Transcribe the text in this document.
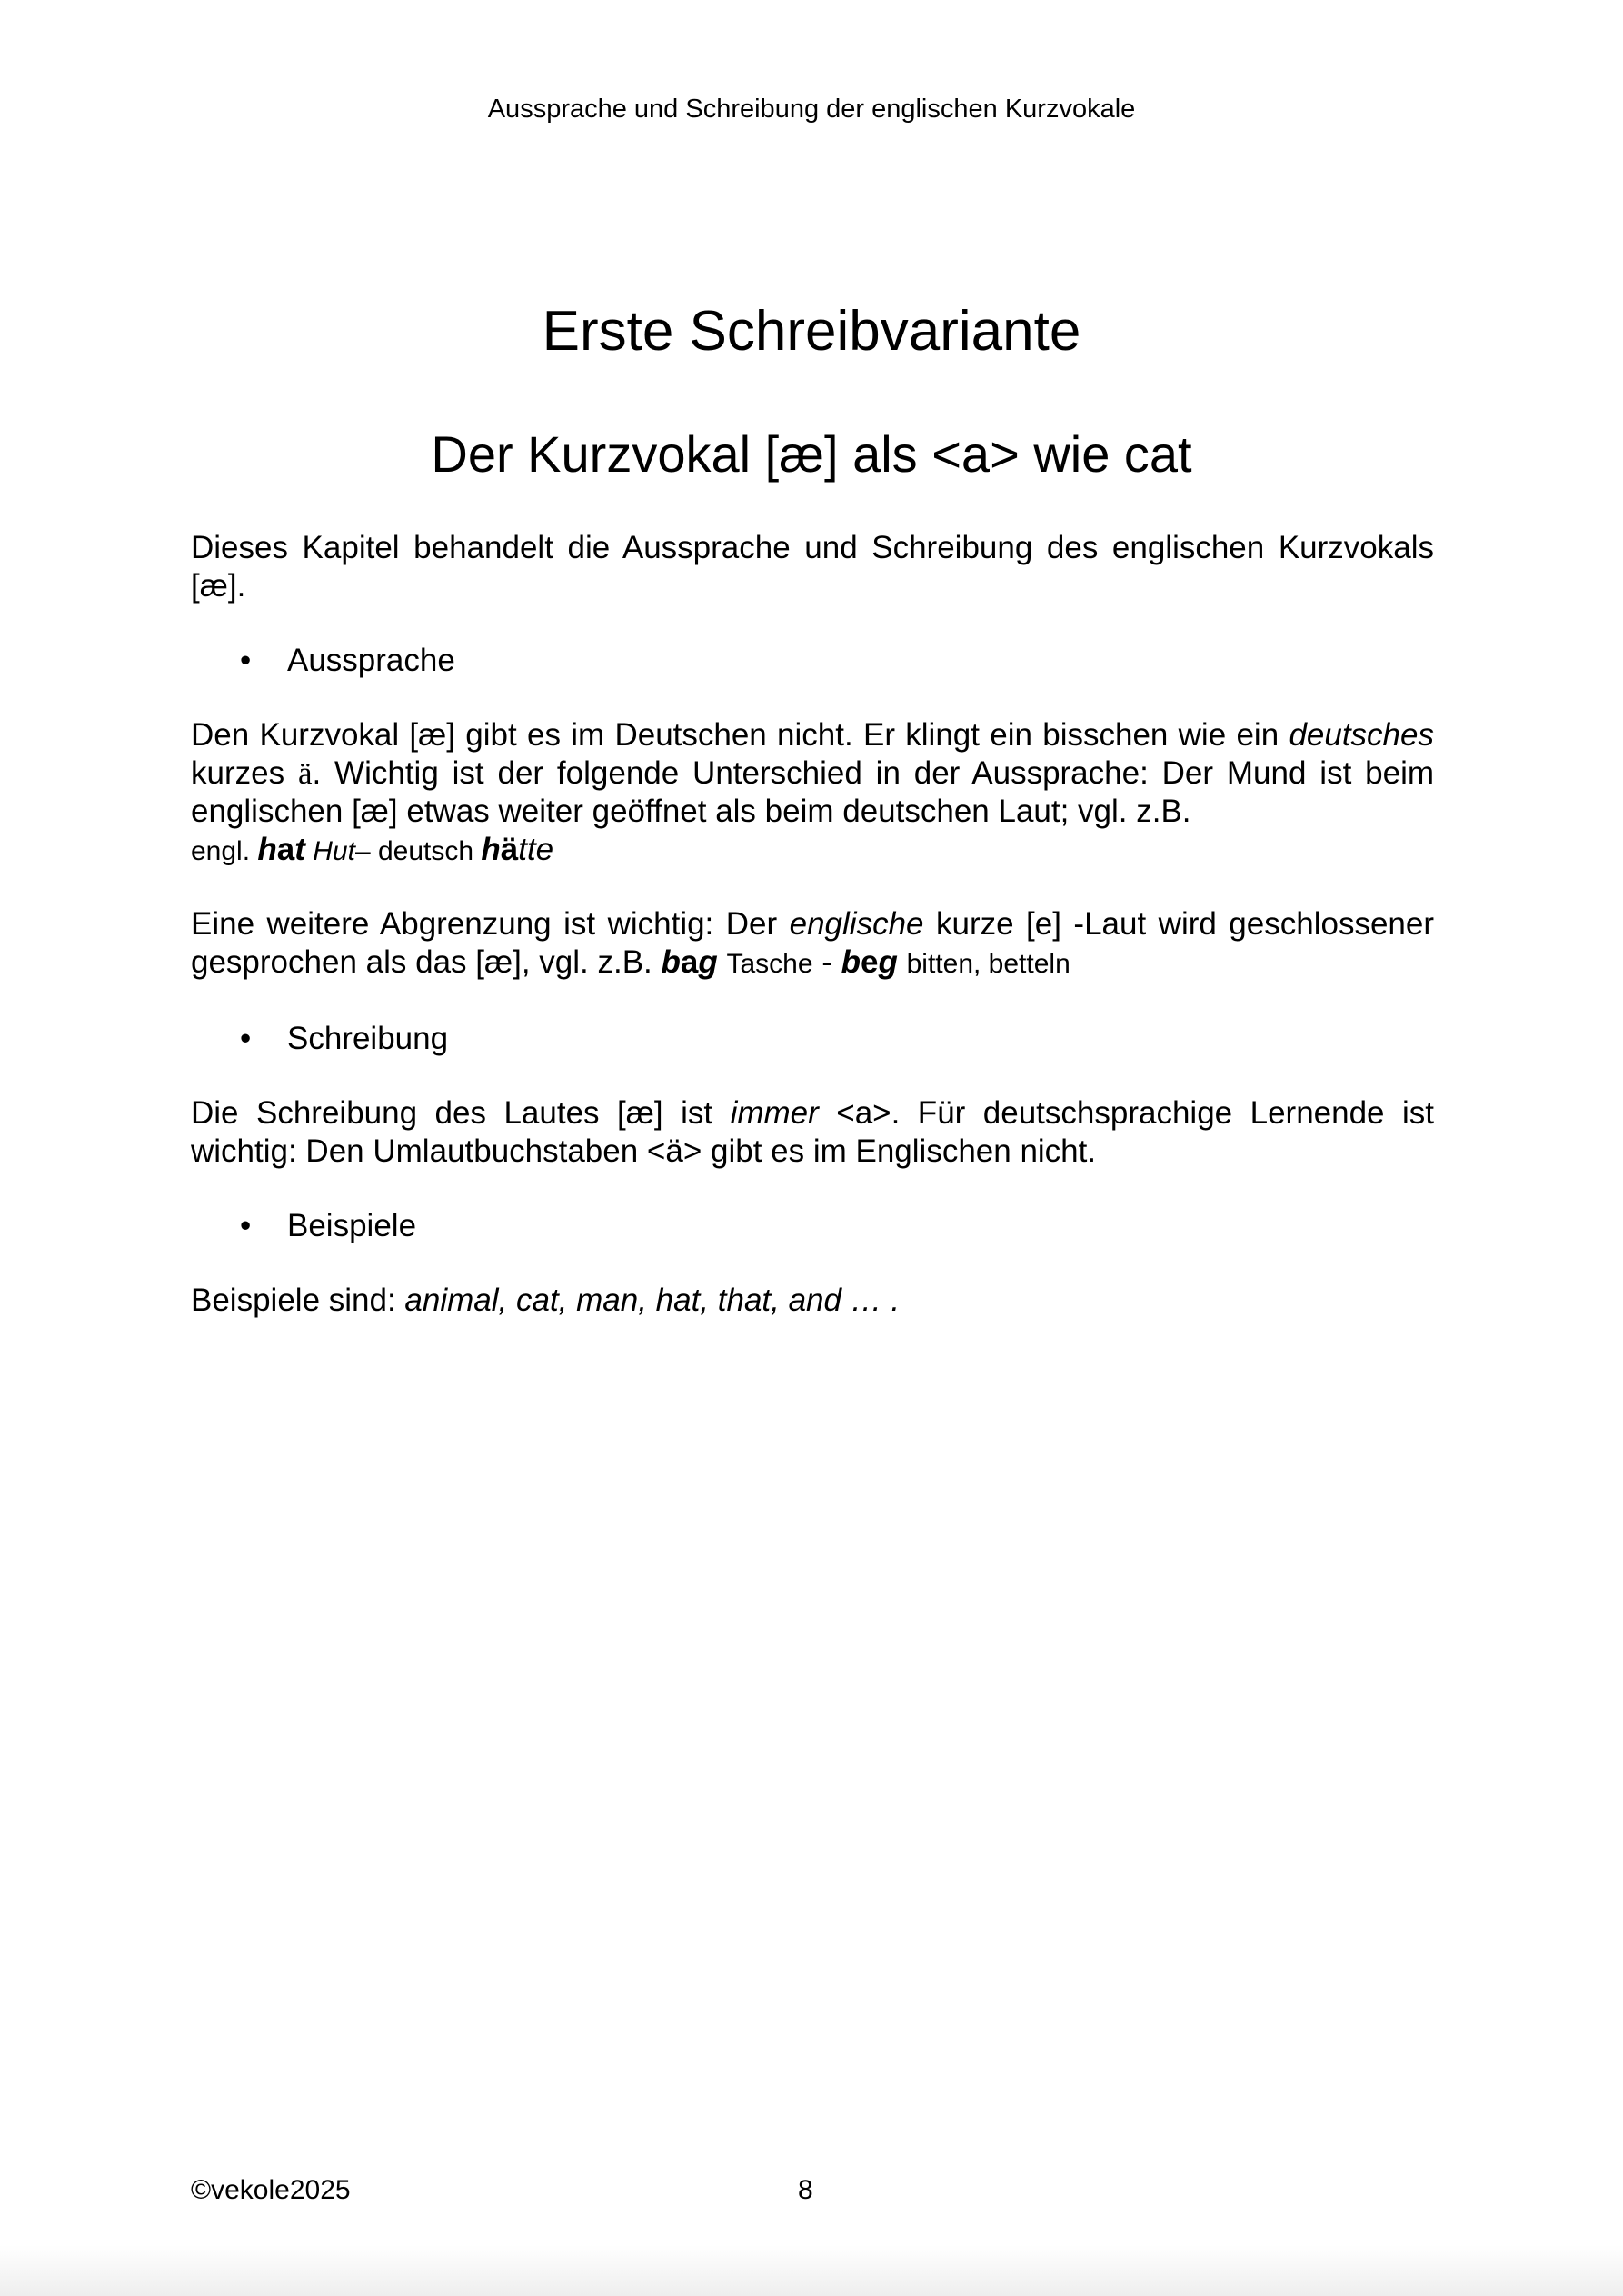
Aussprache und Schreibung der englischen Kurzvokale
Erste Schreibvariante
Der Kurzvokal [æ] als <a> wie cat

Dieses Kapitel behandelt die Aussprache und Schreibung des englischen Kurzvokals [æ].

•	Aussprache

Den Kurzvokal [æ] gibt es im Deutschen nicht. Er klingt ein bisschen wie ein deutsches kurzes ä. Wichtig ist der folgende Unterschied in der Aussprache: Der Mund ist beim englischen [æ] etwas weiter geöffnet als beim deutschen Laut; vgl. z.B.

engl. hat Hut– deutsch hätte

Eine weitere Abgrenzung ist wichtig: Der englische kurze [e] -Laut wird geschlossener gesprochen als das [æ], vgl. z.B. bag Tasche - beg bitten, betteln

•	Schreibung

Die Schreibung des Lautes [æ] ist immer <a>. Für deutschsprachige Lernende ist wichtig: Den Umlautbuchstaben <ä> gibt es im Englischen nicht.

•	Beispiele

Beispiele sind: animal, cat, man, hat, that, and … .

©vekole2025	8
